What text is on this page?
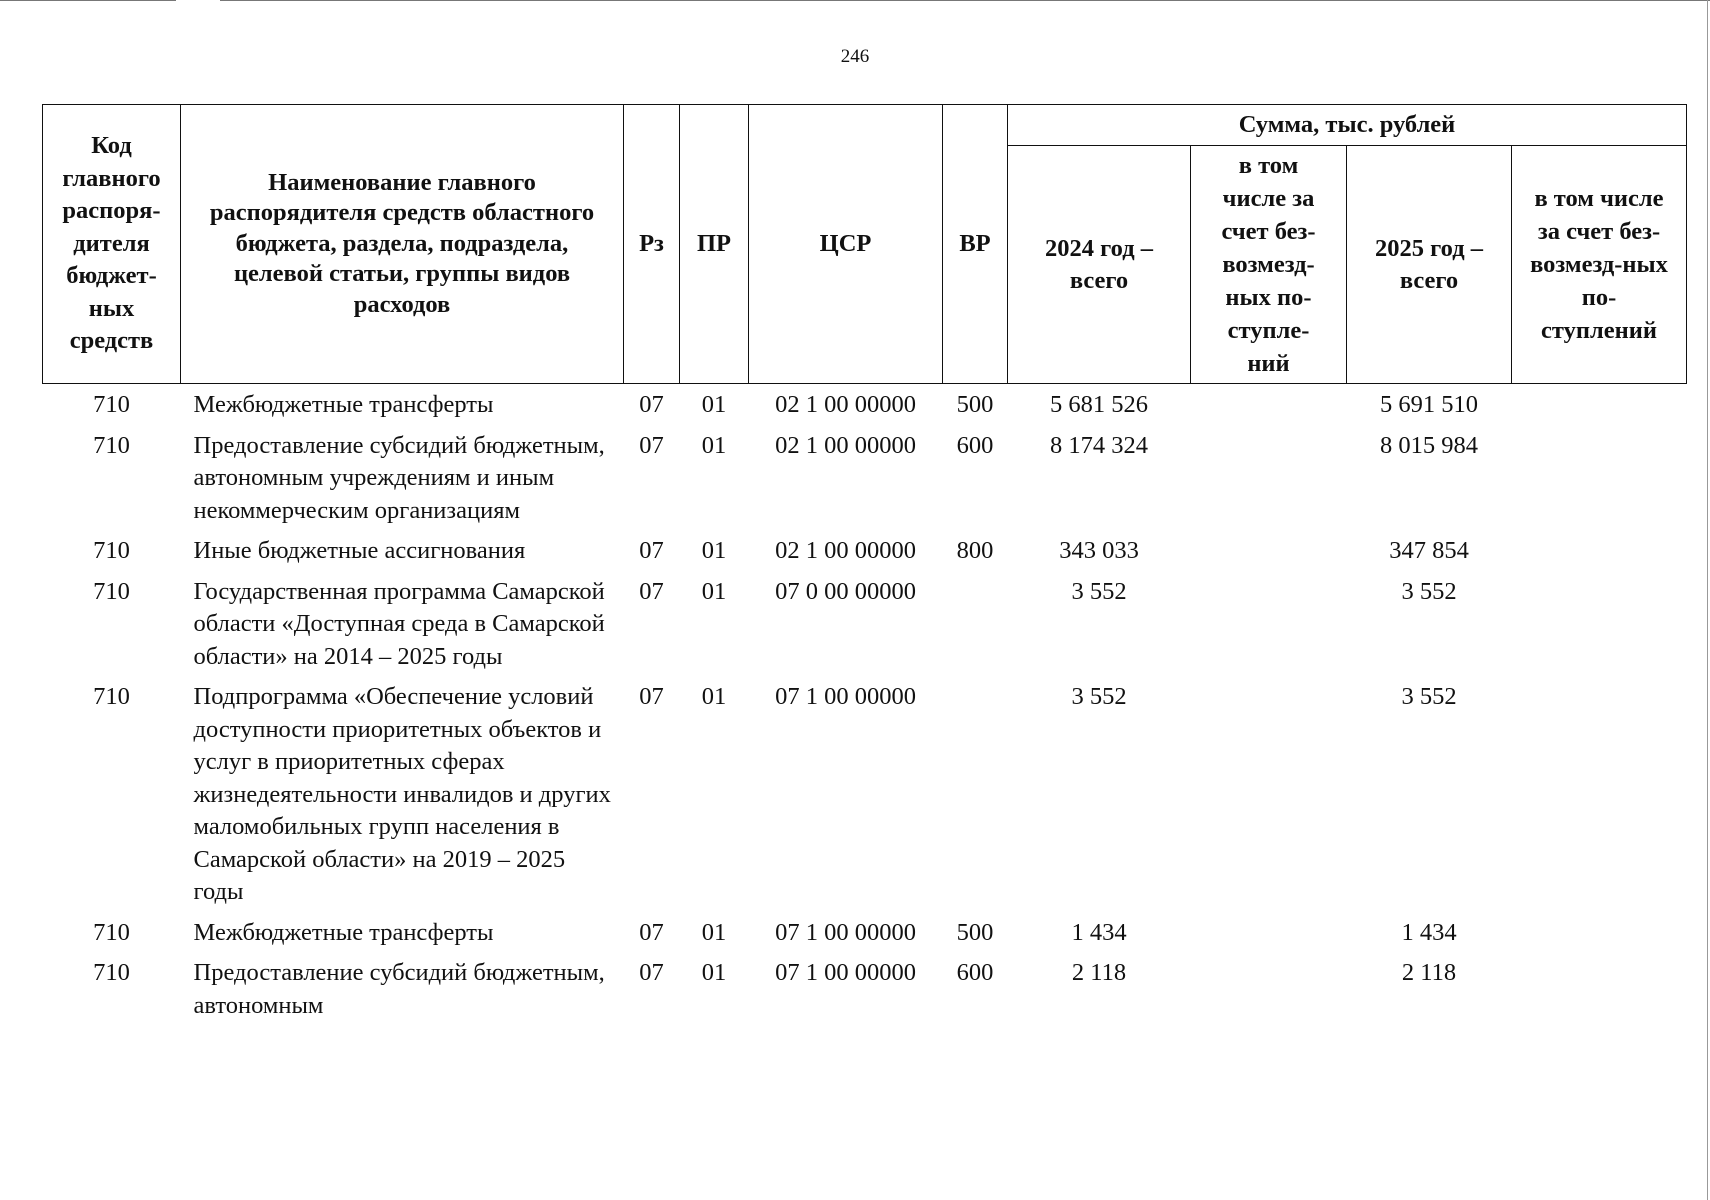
246
Код главного распоря-дителя бюджет-ных средств	Наименование главного распорядителя средств областного бюджета, раздела, подраздела, целевой статьи, группы видов расходов	Рз	ПР	ЦСР	ВР	Сумма, тыс. рублей			
						2024 год – всего	в том числе за счет без-возмезд-ных по-ступле-ний	2025 год – всего	в том числе за счет без-возмезд-ных по-ступлений
710	Межбюджетные трансферты	07	01	02 1 00 00000	500	5 681 526		5 691 510	
710	Предоставление субсидий бюджетным, автономным учреждениям и иным некоммерческим организациям	07	01	02 1 00 00000	600	8 174 324		8 015 984	
710	Иные бюджетные ассигнования	07	01	02 1 00 00000	800	343 033		347 854	
710	Государственная программа Самарской области «Доступная среда в Самарской области» на 2014 – 2025 годы	07	01	07 0 00 00000		3 552		3 552	
710	Подпрограмма «Обеспечение условий доступности приоритетных объектов и услуг в приоритетных сферах жизнедеятельности инвалидов и других маломобильных групп населения в Самарской области» на 2019 – 2025 годы	07	01	07 1 00 00000		3 552		3 552	
710	Межбюджетные трансферты	07	01	07 1 00 00000	500	1 434		1 434	
710	Предоставление субсидий бюджетным, автономным	07	01	07 1 00 00000	600	2 118		2 118	
